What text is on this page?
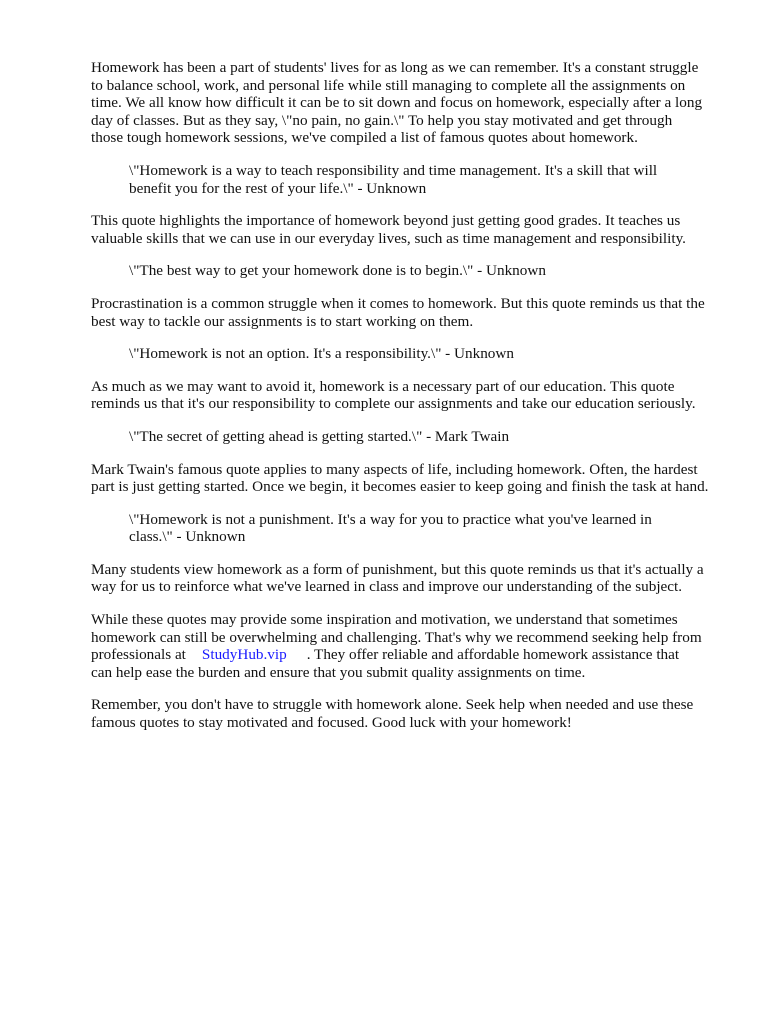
Homework has been a part of students' lives for as long as we can remember. It's a constant struggle
to balance school, work, and personal life while still managing to complete all the assignments on
time. We all know how difficult it can be to sit down and focus on homework, especially after a long
day of classes. But as they say, \"no pain, no gain.\" To help you stay motivated and get through
those tough homework sessions, we've compiled a list of famous quotes about homework.

\"Homework is a way to teach responsibility and time management. It's a skill that will
benefit you for the rest of your life.\" - Unknown

This quote highlights the importance of homework beyond just getting good grades. It teaches us
valuable skills that we can use in our everyday lives, such as time management and responsibility.

\"The best way to get your homework done is to begin.\" - Unknown

Procrastination is a common struggle when it comes to homework. But this quote reminds us that the
best way to tackle our assignments is to start working on them.

\"Homework is not an option. It's a responsibility.\" - Unknown

As much as we may want to avoid it, homework is a necessary part of our education. This quote
reminds us that it's our responsibility to complete our assignments and take our education seriously.

\"The secret of getting ahead is getting started.\" - Mark Twain

Mark Twain's famous quote applies to many aspects of life, including homework. Often, the hardest
part is just getting started. Once we begin, it becomes easier to keep going and finish the task at hand.

\"Homework is not a punishment. It's a way for you to practice what you've learned in
class.\" - Unknown

Many students view homework as a form of punishment, but this quote reminds us that it's actually a
way for us to reinforce what we've learned in class and improve our understanding of the subject.

While these quotes may provide some inspiration and motivation, we understand that sometimes
homework can still be overwhelming and challenging. That's why we recommend seeking help from
professionals at StudyHub.vip . They offer reliable and affordable homework assistance that
can help ease the burden and ensure that you submit quality assignments on time.

Remember, you don't have to struggle with homework alone. Seek help when needed and use these
famous quotes to stay motivated and focused. Good luck with your homework!
